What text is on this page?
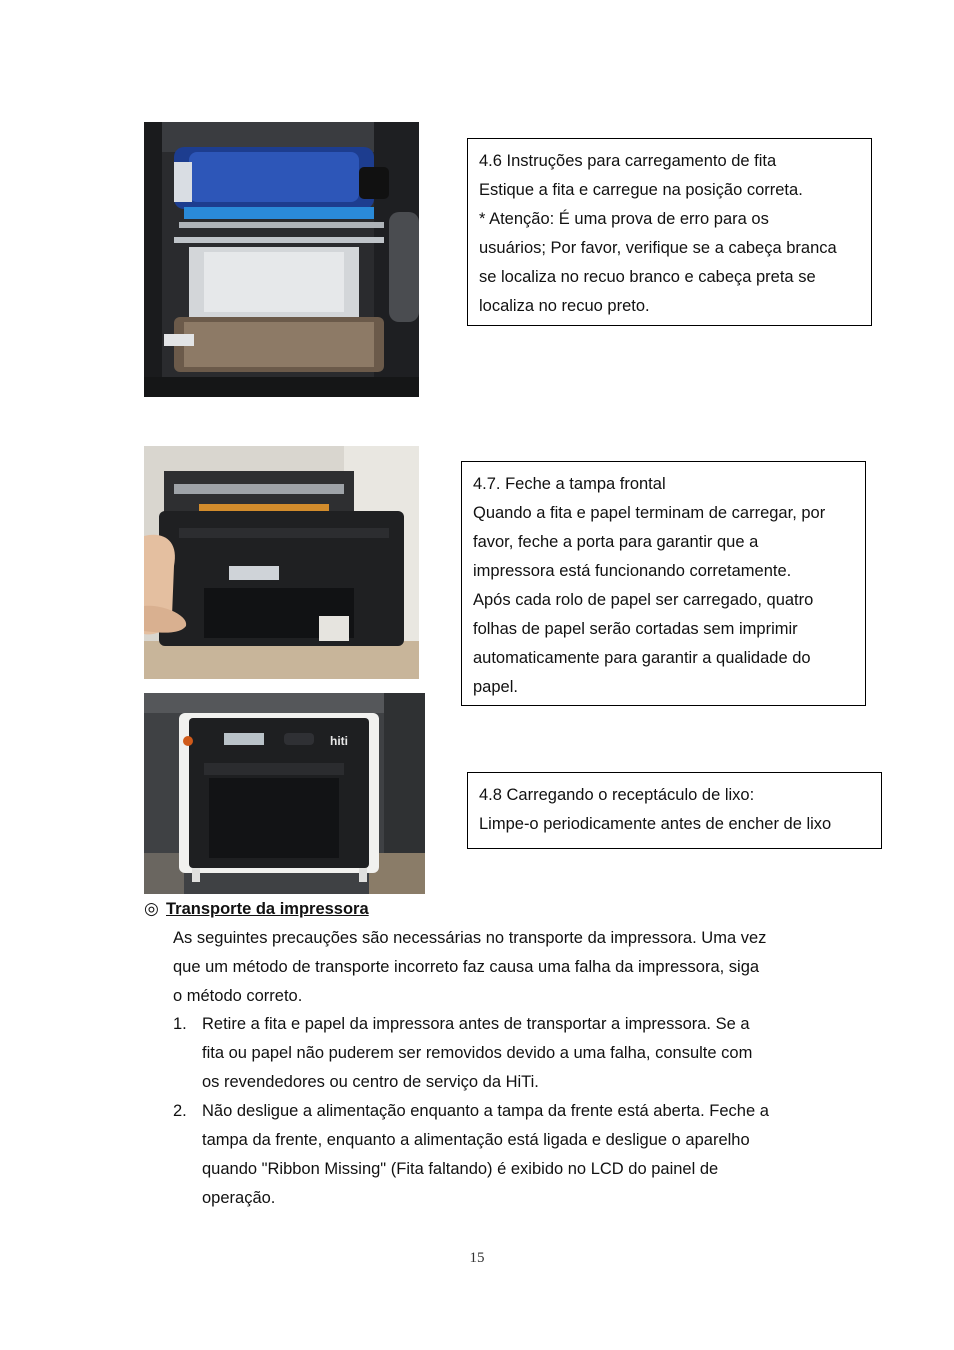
4.6 Instruções para carregamento de fita
Estique a fita e carregue na posição correta.
* Atenção: É uma prova de erro para os
usuários; Por favor, verifique se a cabeça branca
se localiza no recuo branco e cabeça preta se
localiza no recuo preto.
4.7. Feche a tampa frontal
Quando a fita e papel terminam de carregar, por
favor, feche a porta para garantir que a
impressora está funcionando corretamente.
Após cada rolo de papel ser carregado, quatro
folhas de papel serão cortadas sem imprimir
automaticamente para garantir a qualidade do
papel.
hiti
4.8 Carregando o receptáculo de lixo:
Limpe-o periodicamente antes de encher de lixo
◎ Transporte da impressora
As seguintes precauções são necessárias no transporte da impressora. Uma vez
que um método de transporte incorreto faz causa uma falha da impressora, siga
o método correto.
1. Retire a fita e papel da impressora antes de transportar a impressora. Se a
fita ou papel não puderem ser removidos devido a uma falha, consulte com
os revendedores ou centro de serviço da HiTi.
2. Não desligue a alimentação enquanto a tampa da frente está aberta. Feche a
tampa da frente, enquanto a alimentação está ligada e desligue o aparelho
quando "Ribbon Missing" (Fita faltando) é exibido no LCD do painel de
operação.
15
